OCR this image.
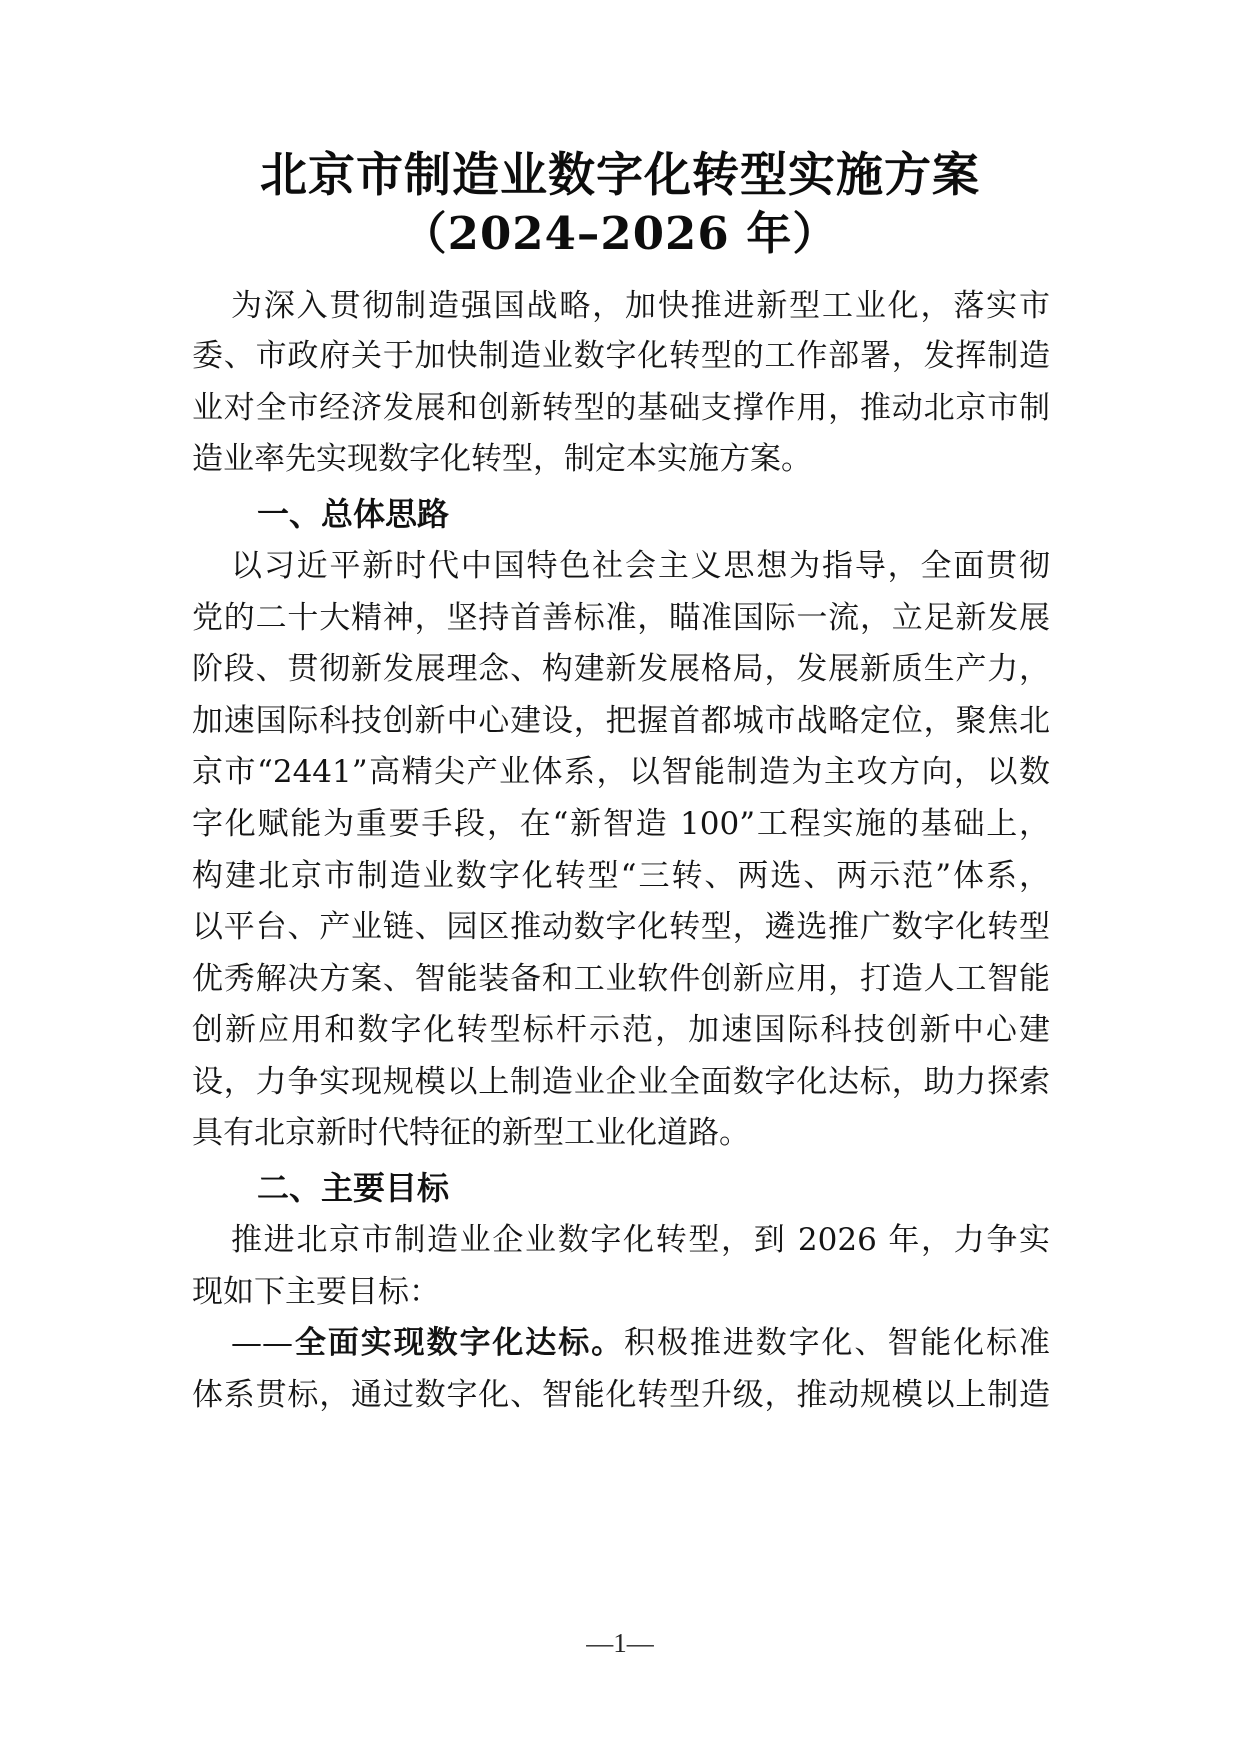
北京市制造业数字化转型实施方案
（2024–2026 年）
为深入贯彻制造强国战略，加快推进新型工业化，落实市
委、市政府关于加快制造业数字化转型的工作部署，发挥制造
业对全市经济发展和创新转型的基础支撑作用，推动北京市制
造业率先实现数字化转型，制定本实施方案。
一、总体思路
以习近平新时代中国特色社会主义思想为指导，全面贯彻
党的二十大精神，坚持首善标准，瞄准国际一流，立足新发展
阶段、贯彻新发展理念、构建新发展格局，发展新质生产力，
加速国际科技创新中心建设，把握首都城市战略定位，聚焦北
京市“2441”高精尖产业体系，以智能制造为主攻方向，以数
字化赋能为重要手段，在“新智造 100”工程实施的基础上，
构建北京市制造业数字化转型“三转、两选、两示范”体系，
以平台、产业链、园区推动数字化转型，遴选推广数字化转型
优秀解决方案、智能装备和工业软件创新应用，打造人工智能
创新应用和数字化转型标杆示范，加速国际科技创新中心建
设，力争实现规模以上制造业企业全面数字化达标，助力探索
具有北京新时代特征的新型工业化道路。
二、主要目标
推进北京市制造业企业数字化转型，到 2026 年，力争实
现如下主要目标：
——全面实现数字化达标。积极推进数字化、智能化标准
体系贯标，通过数字化、智能化转型升级，推动规模以上制造
—1—
